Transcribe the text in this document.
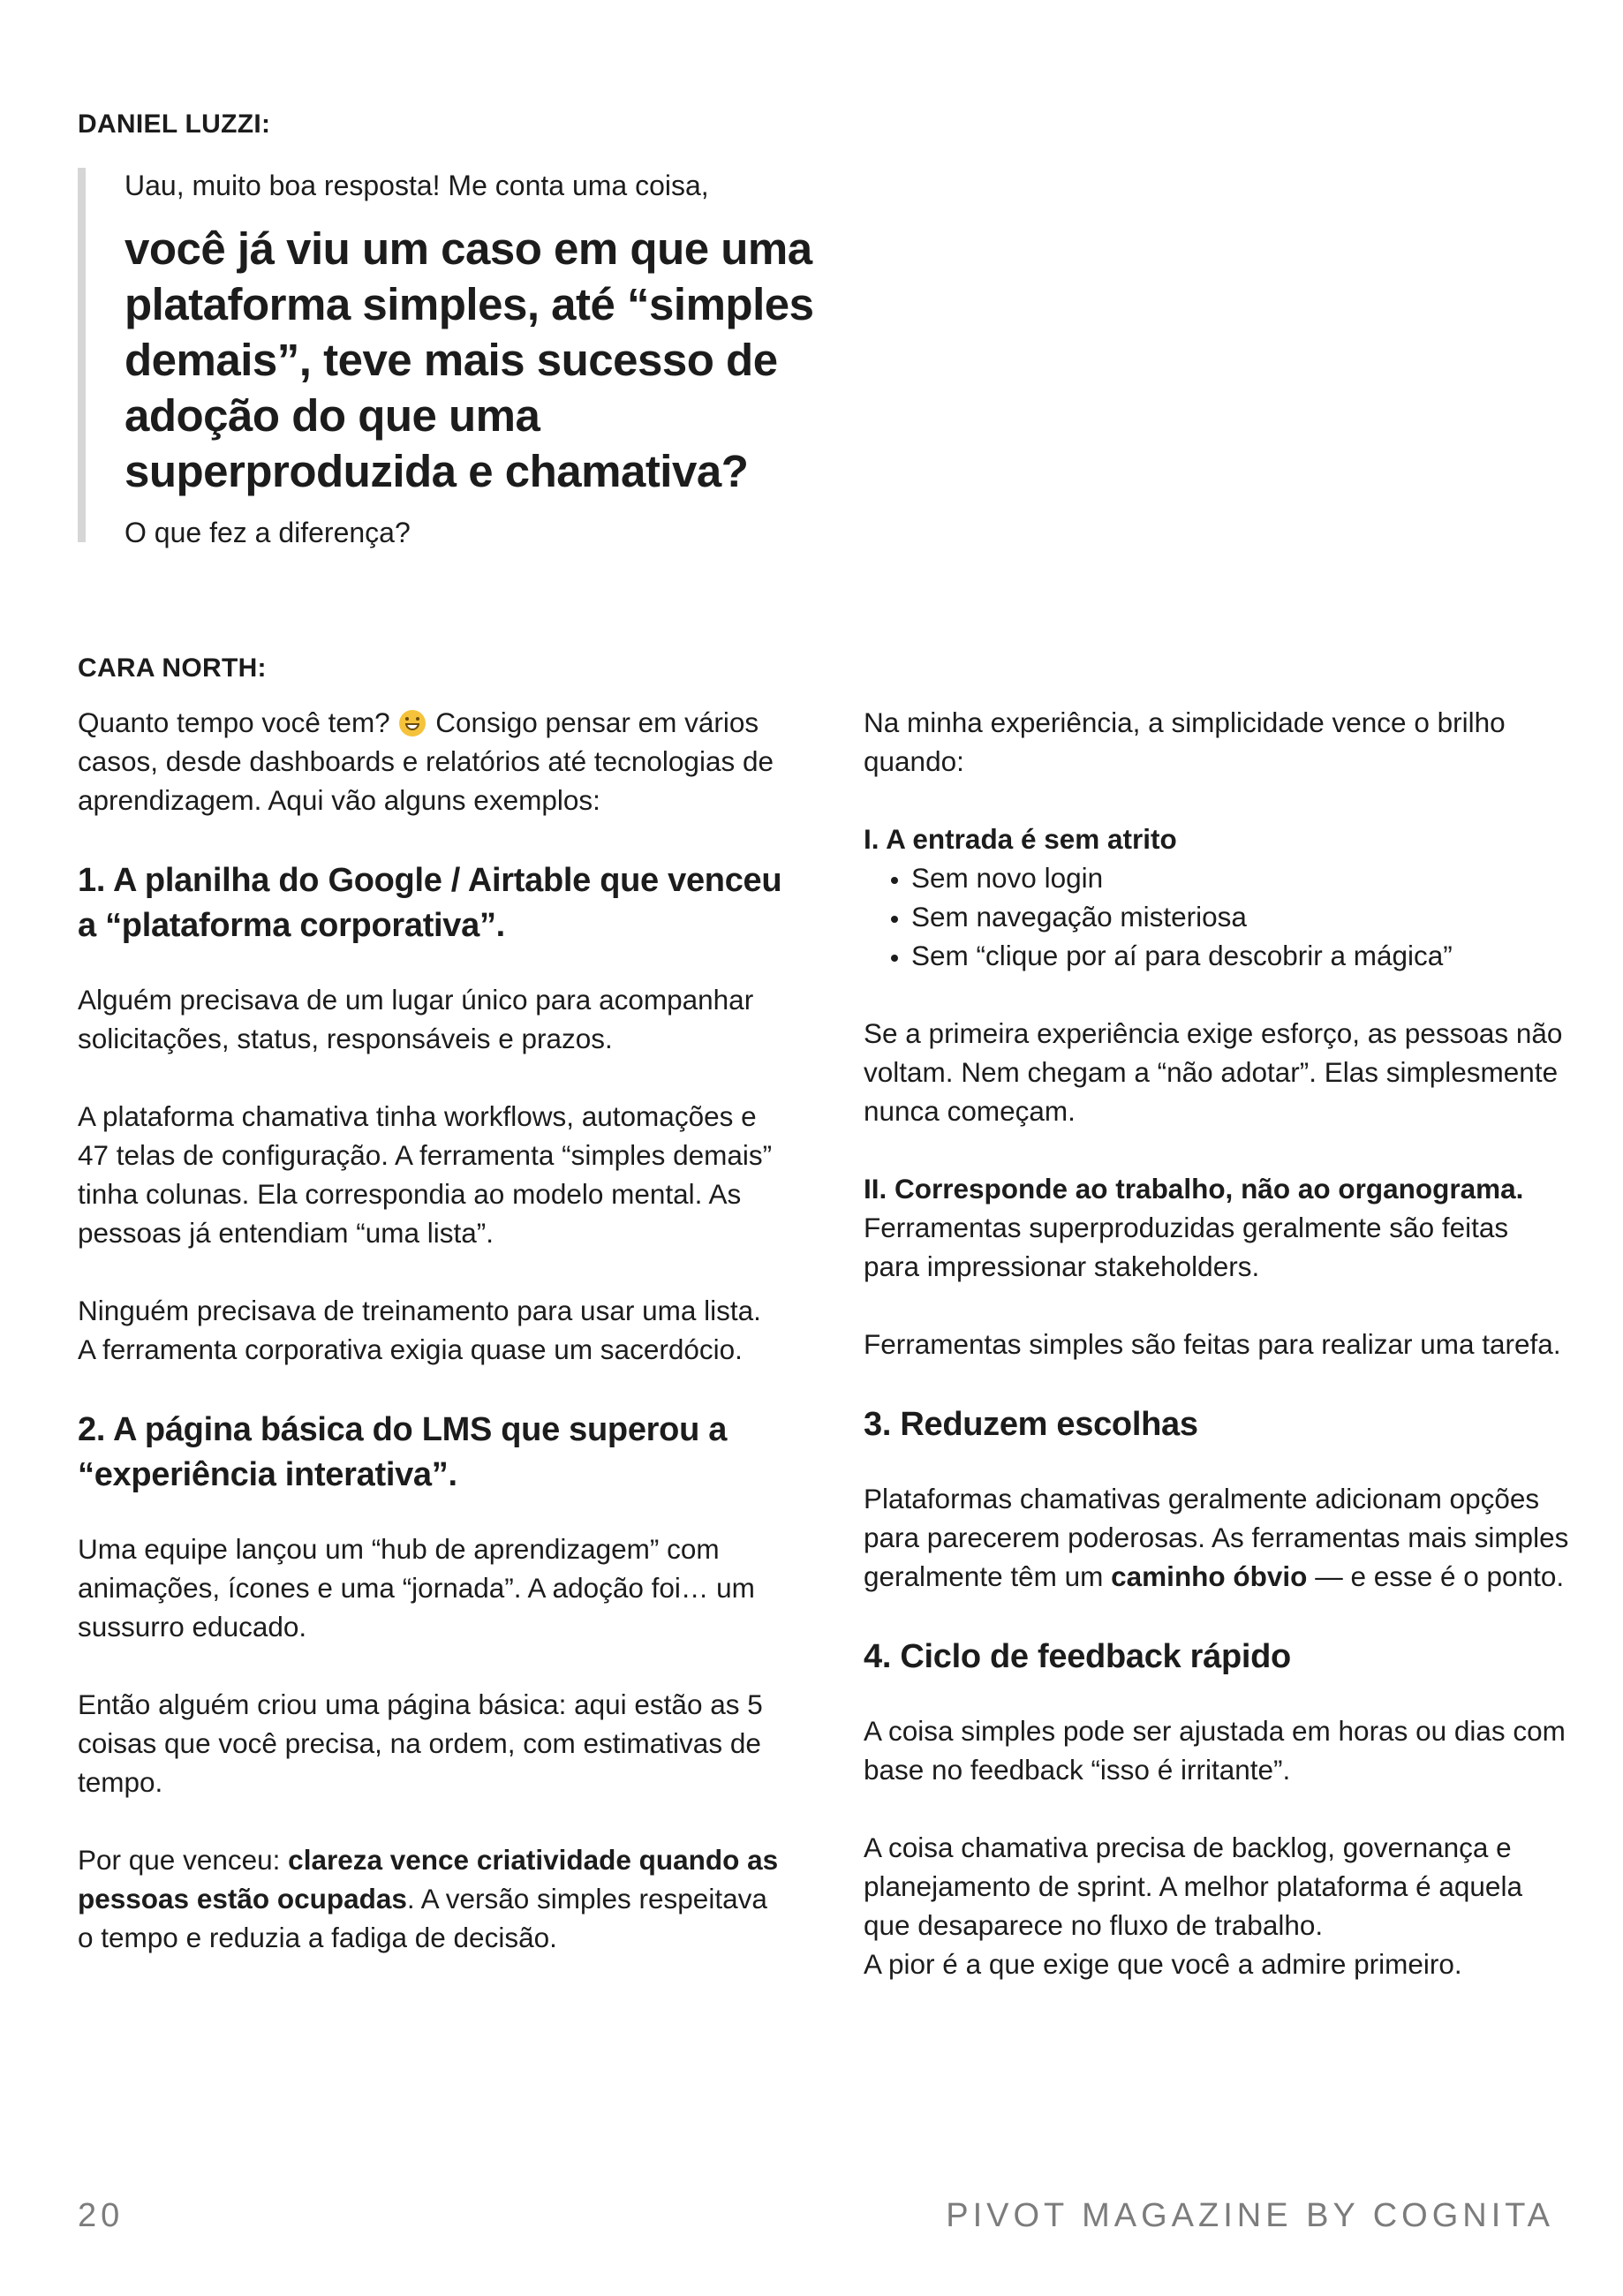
DANIEL LUZZI:

Uau, muito boa resposta! Me conta uma coisa,

você já viu um caso em que uma plataforma simples, até “simples demais”, teve mais sucesso de adoção do que uma superproduzida e chamativa?

O que fez a diferença?

CARA NORTH:

Quanto tempo você tem? Consigo pensar em vários casos, desde dashboards e relatórios até tecnologias de aprendizagem. Aqui vão alguns exemplos:

1. A planilha do Google / Airtable que venceu a “plataforma corporativa”.

Alguém precisava de um lugar único para acompanhar solicitações, status, responsáveis e prazos.

A plataforma chamativa tinha workflows, automações e 47 telas de configuração. A ferramenta “simples demais” tinha colunas. Ela correspondia ao modelo mental. As pessoas já entendiam “uma lista”.

Ninguém precisava de treinamento para usar uma lista. A ferramenta corporativa exigia quase um sacerdócio.

2. A página básica do LMS que superou a “experiência interativa”.

Uma equipe lançou um “hub de aprendizagem” com animações, ícones e uma “jornada”. A adoção foi… um sussurro educado.

Então alguém criou uma página básica: aqui estão as 5 coisas que você precisa, na ordem, com estimativas de tempo.

Por que venceu: clareza vence criatividade quando as pessoas estão ocupadas. A versão simples respeitava o tempo e reduzia a fadiga de decisão.

Na minha experiência, a simplicidade vence o brilho quando:

I. A entrada é sem atrito

• Sem novo login
• Sem navegação misteriosa
• Sem “clique por aí para descobrir a mágica”

Se a primeira experiência exige esforço, as pessoas não voltam. Nem chegam a “não adotar”. Elas simplesmente nunca começam.

II. Corresponde ao trabalho, não ao organograma.
Ferramentas superproduzidas geralmente são feitas para impressionar stakeholders.

Ferramentas simples são feitas para realizar uma tarefa.

3. Reduzem escolhas

Plataformas chamativas geralmente adicionam opções para parecerem poderosas. As ferramentas mais simples geralmente têm um caminho óbvio — e esse é o ponto.

4. Ciclo de feedback rápido

A coisa simples pode ser ajustada em horas ou dias com base no feedback “isso é irritante”.

A coisa chamativa precisa de backlog, governança e planejamento de sprint. A melhor plataforma é aquela que desaparece no fluxo de trabalho.
A pior é a que exige que você a admire primeiro.

20	PIVOT MAGAZINE BY COGNITA
